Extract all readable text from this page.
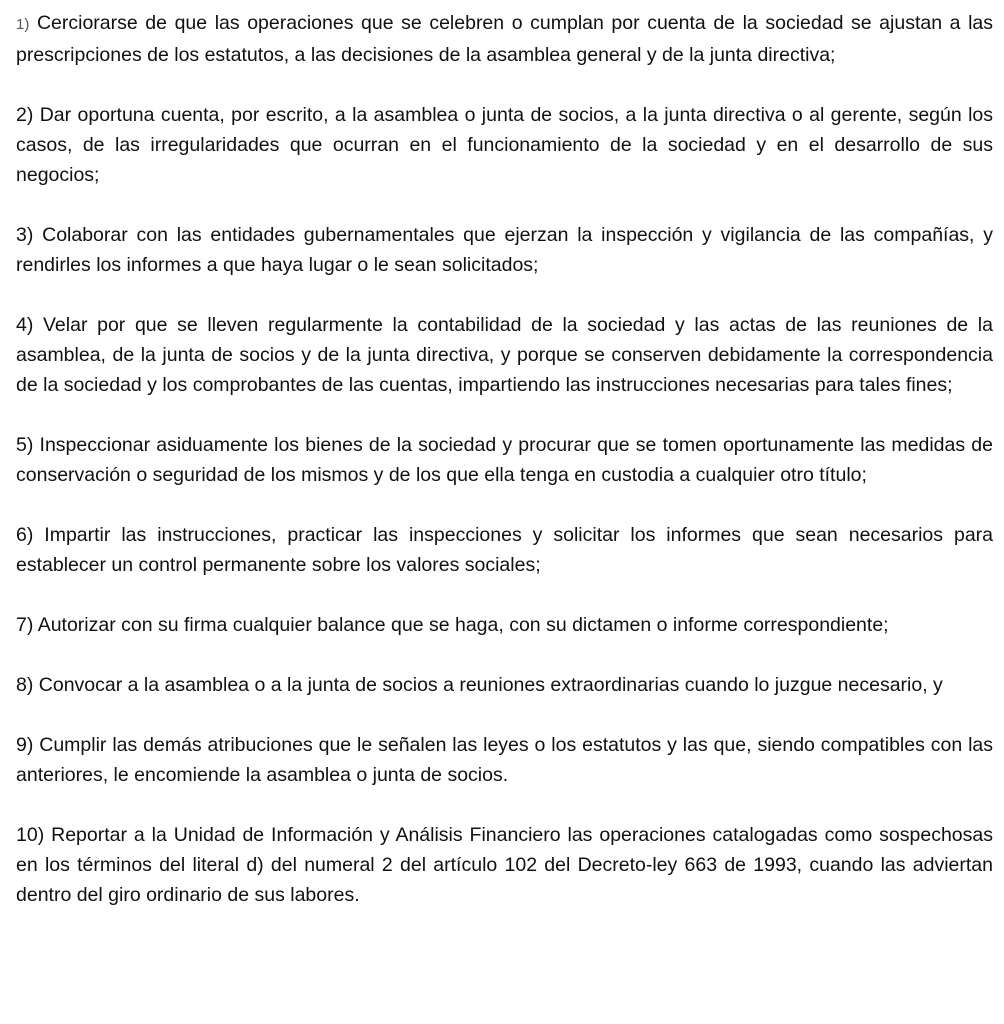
1) Cerciorarse de que las operaciones que se celebren o cumplan por cuenta de la sociedad se ajustan a las prescripciones de los estatutos, a las decisiones de la asamblea general y de la junta directiva;

2) Dar oportuna cuenta, por escrito, a la asamblea o junta de socios, a la junta directiva o al gerente, según los casos, de las irregularidades que ocurran en el funcionamiento de la sociedad y en el desarrollo de sus negocios;

3) Colaborar con las entidades gubernamentales que ejerzan la inspección y vigilancia de las compañías, y rendirles los informes a que haya lugar o le sean solicitados;

4) Velar por que se lleven regularmente la contabilidad de la sociedad y las actas de las reuniones de la asamblea, de la junta de socios y de la junta directiva, y porque se conserven debidamente la correspondencia de la sociedad y los comprobantes de las cuentas, impartiendo las instrucciones necesarias para tales fines;

5) Inspeccionar asiduamente los bienes de la sociedad y procurar que se tomen oportunamente las medidas de conservación o seguridad de los mismos y de los que ella tenga en custodia a cualquier otro título;

6) Impartir las instrucciones, practicar las inspecciones y solicitar los informes que sean necesarios para establecer un control permanente sobre los valores sociales;

7) Autorizar con su firma cualquier balance que se haga, con su dictamen o informe correspondiente;

8) Convocar a la asamblea o a la junta de socios a reuniones extraordinarias cuando lo juzgue necesario, y

9) Cumplir las demás atribuciones que le señalen las leyes o los estatutos y las que, siendo compatibles con las anteriores, le encomiende la asamblea o junta de socios.

10) Reportar a la Unidad de Información y Análisis Financiero las operaciones catalogadas como sospechosas en los términos del literal d) del numeral 2 del artículo 102 del Decreto-ley 663 de 1993, cuando las adviertan dentro del giro ordinario de sus labores.
